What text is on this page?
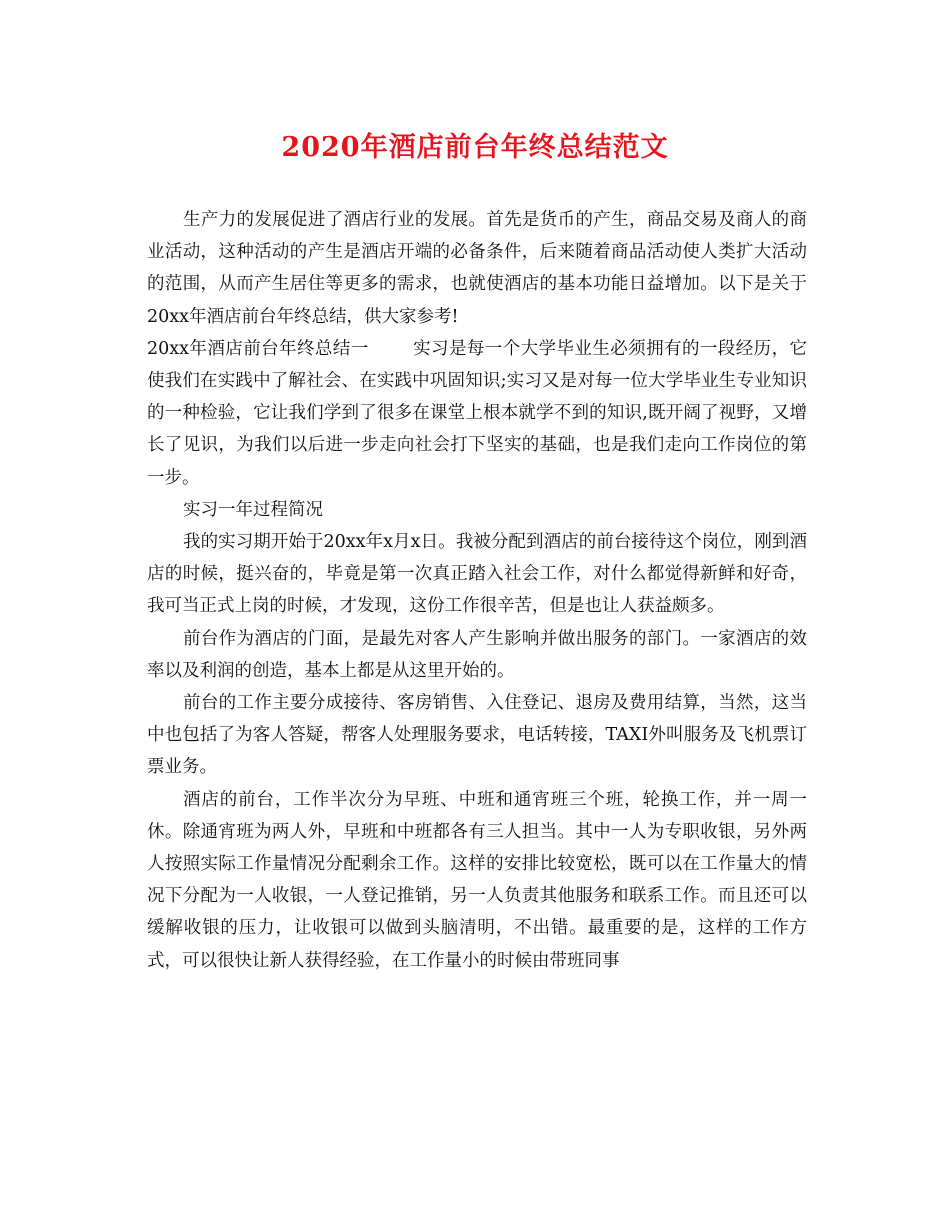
2020年酒店前台年终总结范文

生产力的发展促进了酒店行业的发展。首先是货币的产生，商品交易及商人的商业活动，这种活动的产生是酒店开端的必备条件，后来随着商品活动使人类扩大活动的范围，从而产生居住等更多的需求，也就使酒店的基本功能日益增加。以下是关于20xx年酒店前台年终总结，供大家参考!

20xx年酒店前台年终总结一	实习是每一个大学毕业生必须拥有的一段经历，它使我们在实践中了解社会、在实践中巩固知识;实习又是对每一位大学毕业生专业知识的一种检验，它让我们学到了很多在课堂上根本就学不到的知识,既开阔了视野，又增长了见识，为我们以后进一步走向社会打下坚实的基础，也是我们走向工作岗位的第一步。

实习一年过程简况

我的实习期开始于20xx年x月x日。我被分配到酒店的前台接待这个岗位，刚到酒店的时候，挺兴奋的，毕竟是第一次真正踏入社会工作，对什么都觉得新鲜和好奇，我可当正式上岗的时候，才发现，这份工作很辛苦，但是也让人获益颇多。

前台作为酒店的门面，是最先对客人产生影响并做出服务的部门。一家酒店的效率以及利润的创造，基本上都是从这里开始的。

前台的工作主要分成接待、客房销售、入住登记、退房及费用结算，当然，这当中也包括了为客人答疑，帮客人处理服务要求，电话转接，TAXI外叫服务及飞机票订票业务。

酒店的前台，工作半次分为早班、中班和通宵班三个班，轮换工作，并一周一休。除通宵班为两人外，早班和中班都各有三人担当。其中一人为专职收银，另外两人按照实际工作量情况分配剩余工作。这样的安排比较宽松，既可以在工作量大的情况下分配为一人收银，一人登记推销，另一人负责其他服务和联系工作。而且还可以缓解收银的压力，让收银可以做到头脑清明，不出错。最重要的是，这样的工作方式，可以很快让新人获得经验，在工作量小的时候由带班同事
